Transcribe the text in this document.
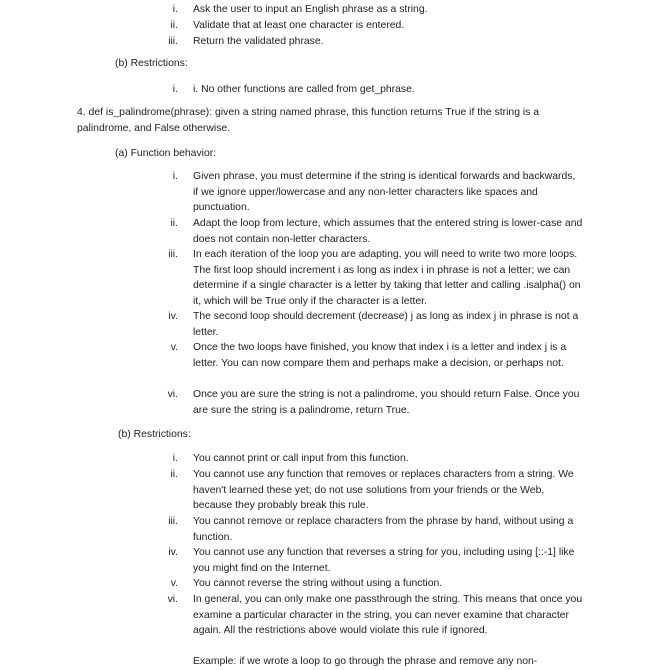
i. Ask the user to input an English phrase as a string.
ii. Validate that at least one character is entered.
iii. Return the validated phrase.
(b) Restrictions:
i. i. No other functions are called from get_phrase.
4. def is_palindrome(phrase): given a string named phrase, this function returns True if the string is a palindrome, and False otherwise.
(a) Function behavior:
i. Given phrase, you must determine if the string is identical forwards and backwards, if we ignore upper/lowercase and any non-letter characters like spaces and punctuation.
ii. Adapt the loop from lecture, which assumes that the entered string is lower-case and does not contain non-letter characters.
iii. In each iteration of the loop you are adapting, you will need to write two more loops. The first loop should increment i as long as index i in phrase is not a letter; we can determine if a single character is a letter by taking that letter and calling .isalpha() on it, which will be True only if the character is a letter.
iv. The second loop should decrement (decrease) j as long as index j in phrase is not a letter.
v. Once the two loops have finished, you know that index i is a letter and index j is a letter. You can now compare them and perhaps make a decision, or perhaps not.
vi. Once you are sure the string is not a palindrome, you should return False. Once you are sure the string is a palindrome, return True.
(b) Restrictions:
i. You cannot print or call input from this function.
ii. You cannot use any function that removes or replaces characters from a string. We haven't learned these yet; do not use solutions from your friends or the Web, because they probably break this rule.
iii. You cannot remove or replace characters from the phrase by hand, without using a function.
iv. You cannot use any function that reverses a string for you, including using [::-1] like you might find on the Internet.
v. You cannot reverse the string without using a function.
vi. In general, you can only make one passthrough the string. This means that once you examine a particular character in the string, you can never examine that character again. All the restrictions above would violate this rule if ignored.
Example: if we wrote a loop to go through the phrase and remove any non-
